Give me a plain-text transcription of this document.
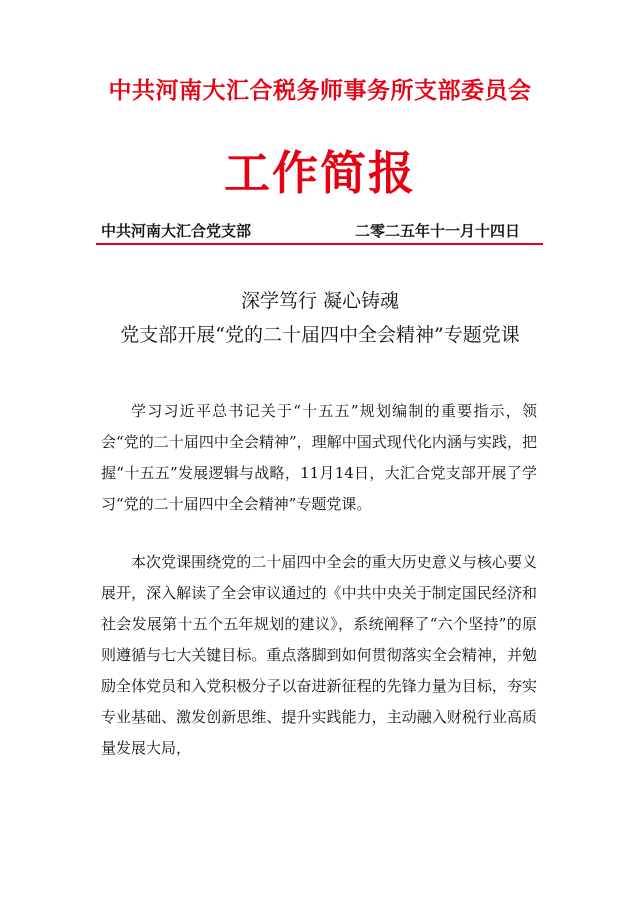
中共河南大汇合税务师事务所支部委员会
工作简报
中共河南大汇合党支部	二零二五年十一月十四日
深学笃行 凝心铸魂
党支部开展“党的二十届四中全会精神”专题党课

学习习近平总书记关于“十五五”规划编制的重要指示，领会“党的二十届四中全会精神”，理解中国式现代化内涵与实践，把握“十五五”发展逻辑与战略，11月14日，大汇合党支部开展了学习“党的二十届四中全会精神”专题党课。

本次党课围绕党的二十届四中全会的重大历史意义与核心要义展开，深入解读了全会审议通过的《中共中央关于制定国民经济和社会发展第十五个五年规划的建议》，系统阐释了“六个坚持”的原则遵循与七大关键目标。重点落脚到如何贯彻落实全会精神，并勉励全体党员和入党积极分子以奋进新征程的先锋力量为目标，夯实专业基础、激发创新思维、提升实践能力，主动融入财税行业高质量发展大局，
